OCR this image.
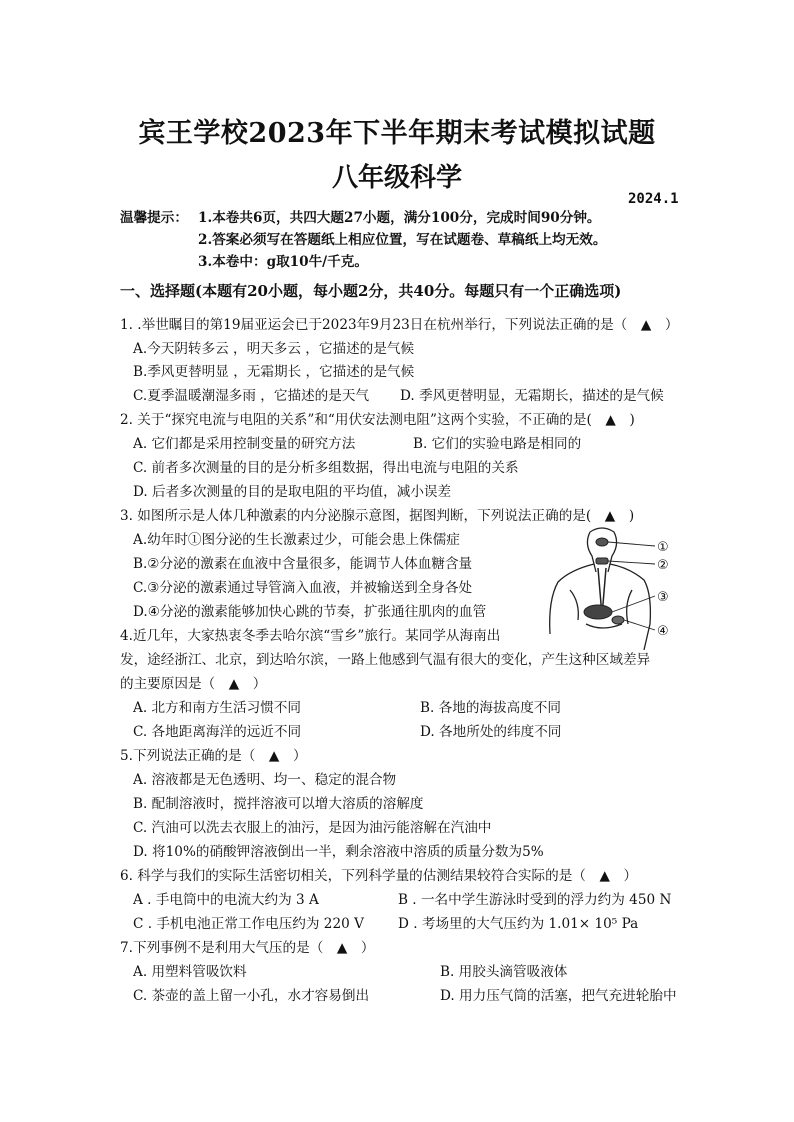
宾王学校2023年下半年期末考试模拟试题
八年级科学
2024.1
温馨提示： 1.本卷共6页，共四大题27小题，满分100分，完成时间90分钟。
2.答案必须写在答题纸上相应位置，写在试题卷、草稿纸上均无效。
3.本卷中：g取10牛/千克。
一、选择题(本题有20小题，每小题2分，共40分。每题只有一个正确选项)
1. .举世瞩目的第19届亚运会已于2023年9月23日在杭州举行，下列说法正确的是（　▲　）
A.今天阴转多云 ，明天多云 ，它描述的是气候
B.季风更替明显 ，无霜期长 ，它描述的是气候
C.夏季温暖潮湿多雨 ，它描述的是天气 D. 季风更替明显，无霜期长，描述的是气候
2. 关于“探究电流与电阻的关系”和“用伏安法测电阻”这两个实验，不正确的是(　▲　)
A. 它们都是采用控制变量的研究方法	B. 它们的实验电路是相同的
C. 前者多次测量的目的是分析多组数据，得出电流与电阻的关系
D. 后者多次测量的目的是取电阻的平均值，减小误差
3. 如图所示是人体几种激素的内分泌腺示意图，据图判断，下列说法正确的是(　▲　)
A.幼年时①图分泌的生长激素过少，可能会患上侏儒症
B.②分泌的激素在血液中含量很多，能调节人体血糖含量
C.③分泌的激素通过导管滴入血液，并被输送到全身各处
D.④分泌的激素能够加快心跳的节奏，扩张通往肌肉的血管
①
②
③
④
4.近几年，大家热衷冬季去哈尔滨“雪乡”旅行。某同学从海南出
发，途经浙江、北京，到达哈尔滨，一路上他感到气温有很大的变化，产生这种区域差异
的主要原因是（　▲　）
A. 北方和南方生活习惯不同	B. 各地的海拔高度不同
C. 各地距离海洋的远近不同	D. 各地所处的纬度不同
5.下列说法正确的是（　▲　）
A. 溶液都是无色透明、均一、稳定的混合物
B. 配制溶液时，搅拌溶液可以增大溶质的溶解度
C. 汽油可以洗去衣服上的油污，是因为油污能溶解在汽油中
D. 将10%的硝酸钾溶液倒出一半，剩余溶液中溶质的质量分数为5%
6. 科学与我们的实际生活密切相关，下列科学量的估测结果较符合实际的是（　▲　）
A . 手电筒中的电流大约为 3 A	B . 一名中学生游泳时受到的浮力约为 450 N
C . 手机电池正常工作电压约为 220 V	D . 考场里的大气压约为 1.01× 10⁵ Pa
7.下列事例不是利用大气压的是（　▲　）
A. 用塑料管吸饮料	B. 用胶头滴管吸液体
C. 茶壶的盖上留一小孔，水才容易倒出	D. 用力压气筒的活塞，把气充进轮胎中
